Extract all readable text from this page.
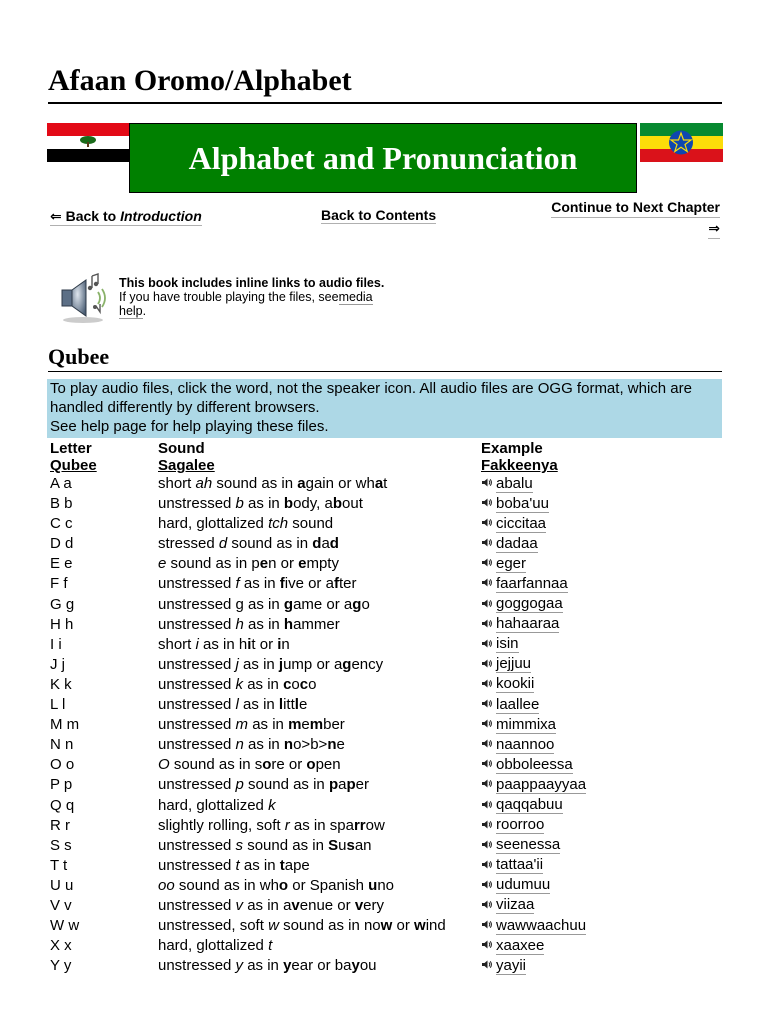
Afaan Oromo/Alphabet
Alphabet and Pronunciation
⇐ Back to Introduction	Back to Contents	Continue to Next Chapter
⇒
This book includes inline links to audio files.
If you have trouble playing the files, seemedia
help.
Qubee
To play audio files, click the word, not the speaker icon. All audio files are OGG format, which are
handled differently by different browsers.
See help page for help playing these files.
Letter
Qubee
Sound
Sagalee
Example
Fakkeenya
A a	short ah sound as in again or what	abalu
B b	unstressed b as in body, about	boba'uu
C c	hard, glottalized tch sound	ciccitaa
D d	stressed d sound as in dad	dadaa
E e	e sound as in pen or empty	eger
F f	unstressed f as in five or after	faarfannaa
G g	unstressed g as in game or ago	goggogaa
H h	unstressed h as in hammer	hahaaraa
I i	short i as in hit or in	isin
J j	unstressed j as in jump or agency	jejjuu
K k	unstressed k as in coco	kookii
L l	unstressed l as in little	laallee
M m	unstressed m as in member	mimmixa
N n	unstressed n as in no>b>ne	naannoo
O o	O sound as in sore or open	obboleessa
P p	unstressed p sound as in paper	paappaayyaa
Q q	hard, glottalized k	qaqqabuu
R r	slightly rolling, soft r as in sparrow	roorroo
S s	unstressed s sound as in Susan	seenessa
T t	unstressed t as in tape	tattaa'ii
U u	oo sound as in who or Spanish uno	udumuu
V v	unstressed v as in avenue or very	viizaa
W w	unstressed, soft w sound as in now or wind	wawwaachuu
X x	hard, glottalized t	xaaxee
Y y	unstressed y as in year or bayou	yayii
